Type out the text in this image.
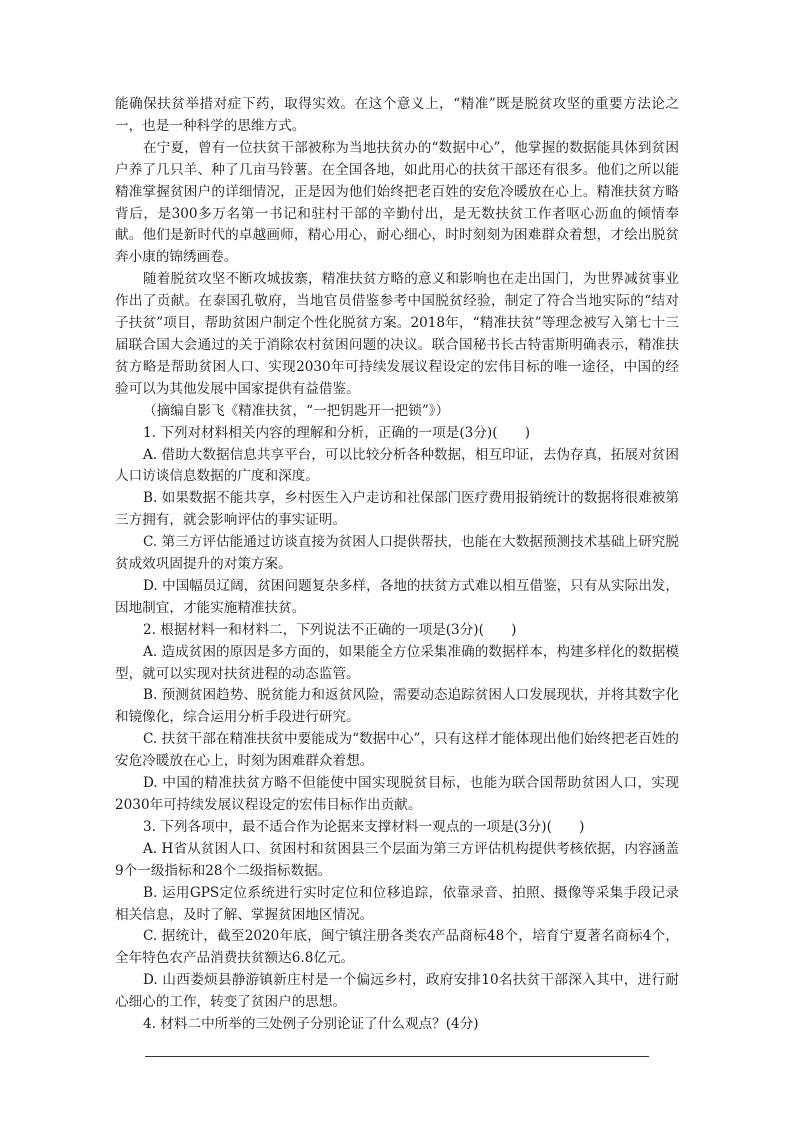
能确保扶贫举措对症下药，取得实效。在这个意义上，“精准”既是脱贫攻坚的重要方法论之一，也是一种科学的思维方式。

在宁夏，曾有一位扶贫干部被称为当地扶贫办的“数据中心”，他掌握的数据能具体到贫困户养了几只羊、种了几亩马铃薯。在全国各地，如此用心的扶贫干部还有很多。他们之所以能精准掌握贫困户的详细情况，正是因为他们始终把老百姓的安危冷暖放在心上。精准扶贫方略背后，是300多万名第一书记和驻村干部的辛勤付出，是无数扶贫工作者呕心沥血的倾情奉献。他们是新时代的卓越画师，精心用心，耐心细心，时时刻刻为困难群众着想，才绘出脱贫奔小康的锦绣画卷。

随着脱贫攻坚不断攻城拔寨，精准扶贫方略的意义和影响也在走出国门，为世界减贫事业作出了贡献。在泰国孔敬府，当地官员借鉴参考中国脱贫经验，制定了符合当地实际的“结对子扶贫”项目，帮助贫困户制定个性化脱贫方案。2018年，“精准扶贫”等理念被写入第七十三届联合国大会通过的关于消除农村贫困问题的决议。联合国秘书长古特雷斯明确表示，精准扶贫方略是帮助贫困人口、实现2030年可持续发展议程设定的宏伟目标的唯一途径，中国的经验可以为其他发展中国家提供有益借鉴。

（摘编自影飞《精准扶贫，“一把钥匙开一把锁”》）

1. 下列对材料相关内容的理解和分析，正确的一项是(3分)(　　)

A. 借助大数据信息共享平台，可以比较分析各种数据，相互印证，去伪存真，拓展对贫困人口访谈信息数据的广度和深度。

B. 如果数据不能共享，乡村医生入户走访和社保部门医疗费用报销统计的数据将很难被第三方拥有，就会影响评估的事实证明。

C. 第三方评估能通过访谈直接为贫困人口提供帮扶，也能在大数据预测技术基础上研究脱贫成效巩固提升的对策方案。

D. 中国幅员辽阔，贫困问题复杂多样，各地的扶贫方式难以相互借鉴，只有从实际出发，因地制宜，才能实施精准扶贫。

2. 根据材料一和材料二，下列说法不正确的一项是(3分)(　　)

A. 造成贫困的原因是多方面的，如果能全方位采集准确的数据样本，构建多样化的数据模型，就可以实现对扶贫进程的动态监管。

B. 预测贫困趋势、脱贫能力和返贫风险，需要动态追踪贫困人口发展现状，并将其数字化和镜像化，综合运用分析手段进行研究。

C. 扶贫干部在精准扶贫中要能成为“数据中心”，只有这样才能体现出他们始终把老百姓的安危冷暖放在心上，时刻为困难群众着想。

D. 中国的精准扶贫方略不但能使中国实现脱贫目标，也能为联合国帮助贫困人口，实现2030年可持续发展议程设定的宏伟目标作出贡献。

3. 下列各项中，最不适合作为论据来支撑材料一观点的一项是(3分)(　　)

A. H省从贫困人口、贫困村和贫困县三个层面为第三方评估机构提供考核依据，内容涵盖9个一级指标和28个二级指标数据。

B. 运用GPS定位系统进行实时定位和位移追踪，依靠录音、拍照、摄像等采集手段记录相关信息，及时了解、掌握贫困地区情况。

C. 据统计，截至2020年底，闽宁镇注册各类农产品商标48个，培育宁夏著名商标4个，全年特色农产品消费扶贫额达6.8亿元。

D. 山西娄烦县静游镇新庄村是一个偏远乡村，政府安排10名扶贫干部深入其中，进行耐心细心的工作，转变了贫困户的思想。

4. 材料二中所举的三处例子分别论证了什么观点？(4分)
